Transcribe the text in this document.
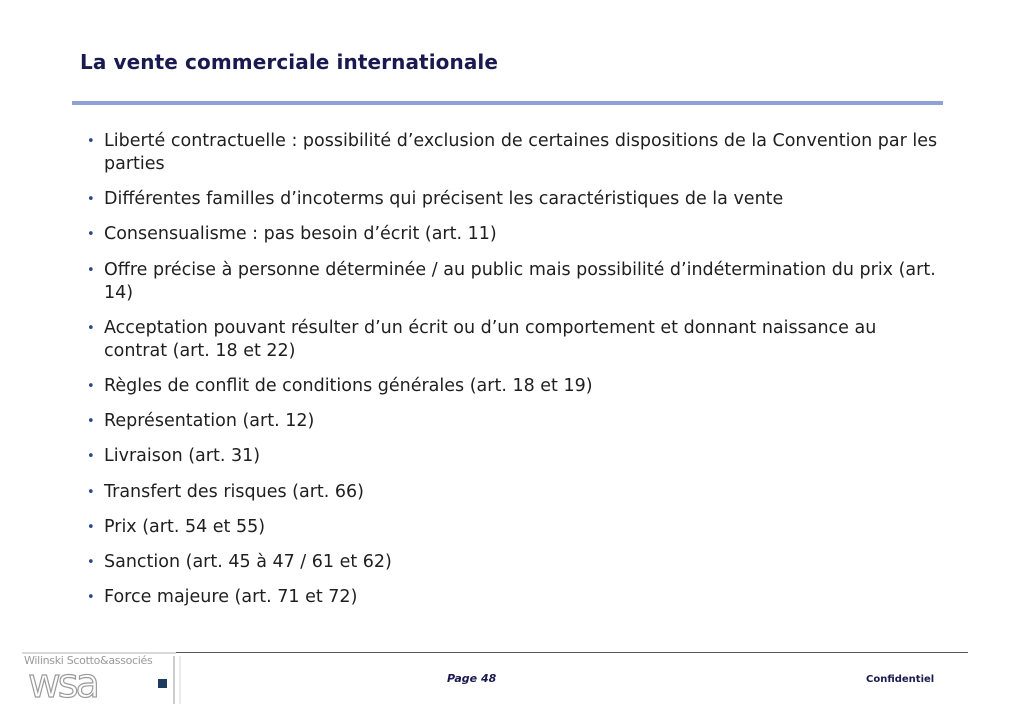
La vente commerciale internationale
• Liberté contractuelle : possibilité d’exclusion de certaines dispositions de la Convention par les parties
• Différentes familles d’incoterms qui précisent les caractéristiques de la vente
• Consensualisme : pas besoin d’écrit (art. 11)
• Offre précise à personne déterminée / au public mais possibilité d’indétermination du prix (art. 14)
• Acceptation pouvant résulter d’un écrit ou d’un comportement et donnant naissance au contrat (art. 18 et 22)
• Règles de conflit de conditions générales (art. 18 et 19)
• Représentation (art. 12)
• Livraison (art. 31)
• Transfert des risques (art. 66)
• Prix (art. 54 et 55)
• Sanction (art. 45 à 47 / 61 et 62)
• Force majeure (art. 71 et 72)
Wilinski Scotto&associés
wsa	Page 48	Confidentiel
